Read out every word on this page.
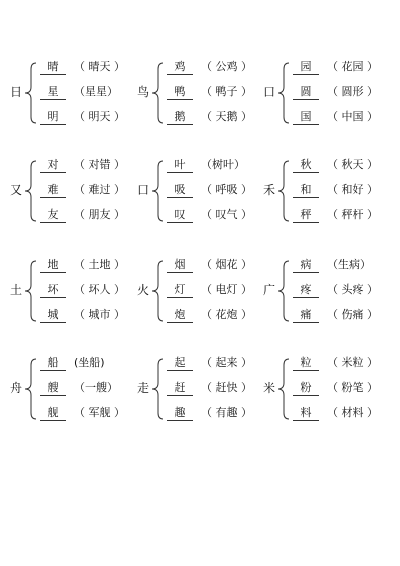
日
晴 （ 晴天 ）
星 （星星）
明 （ 明天 ）
鸟
鸡 （ 公鸡 ）
鸭 （ 鸭子 ）
鹅 （ 天鹅 ）
口
园 （ 花园 ）
圆 （ 圆形 ）
国 （ 中国 ）
又
对 （ 对错 ）
难 （ 难过 ）
友 （ 朋友 ）
口
叶 （树叶）
吸 （ 呼吸 ）
叹 （ 叹气 ）
禾
秋 （ 秋天 ）
和 （ 和好 ）
秤 （ 秤杆 ）
土
地 （ 土地 ）
坏 （ 坏人 ）
城 （ 城市 ）
火
烟 （ 烟花 ）
灯 （ 电灯 ）
炮 （ 花炮 ）
广
病 （生病）
疼 （ 头疼 ）
痛 （ 伤痛 ）
舟
船 (坐船)
艘 （一艘）
舰 （ 军舰 ）
走
起 （ 起来 ）
赶 （ 赶快 ）
趣 （ 有趣 ）
米
粒 （ 米粒 ）
粉 （ 粉笔 ）
料 （ 材料 ）
